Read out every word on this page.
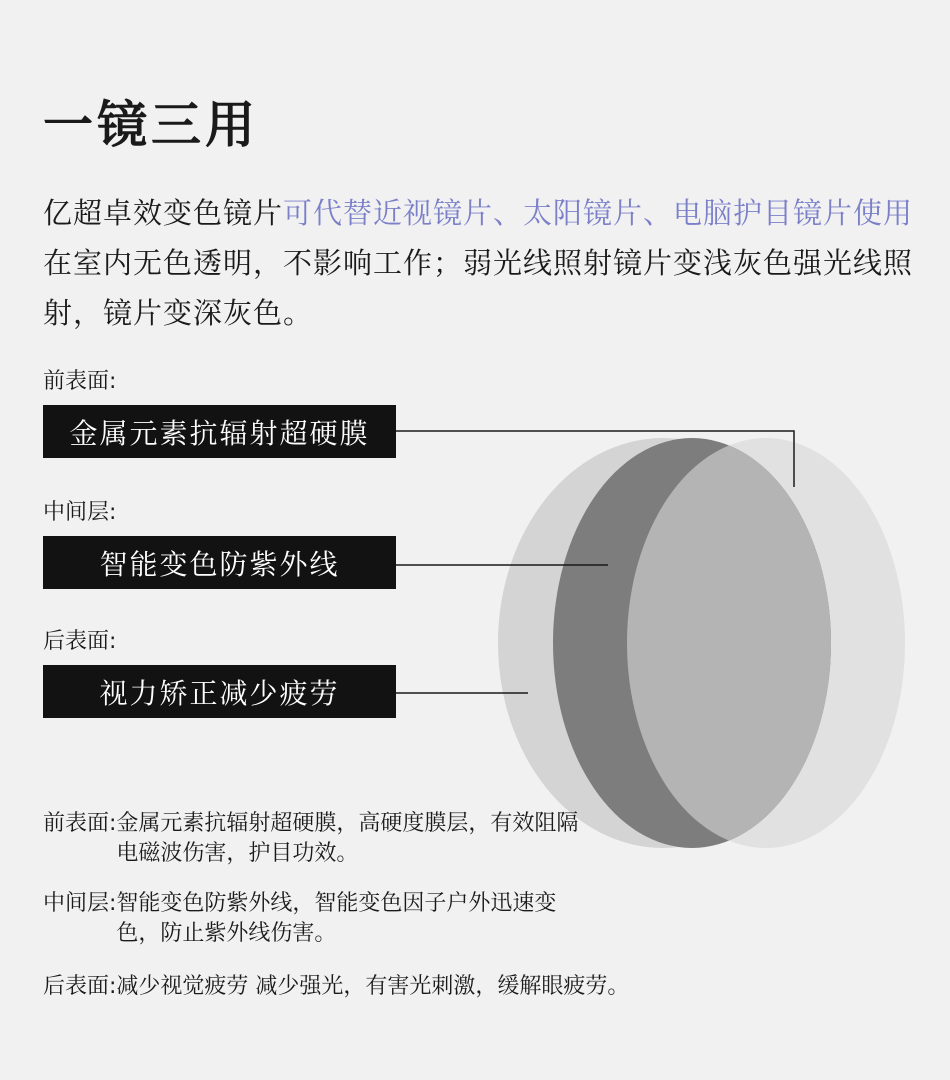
一镜三用

亿超卓效变色镜片可代替近视镜片、太阳镜片、电脑护目镜片使用在室内无色透明，不影响工作；弱光线照射镜片变浅灰色强光线照射，镜片变深灰色。

前表面:
金属元素抗辐射超硬膜
中间层:
智能变色防紫外线
后表面:
视力矫正减少疲劳
前表面: 金属元素抗辐射超硬膜，高硬度膜层，有效阻隔电磁波伤害，护目功效。
中间层: 智能变色防紫外线，智能变色因子户外迅速变色，防止紫外线伤害。
后表面: 减少视觉疲劳 减少强光，有害光刺激，缓解眼疲劳。
